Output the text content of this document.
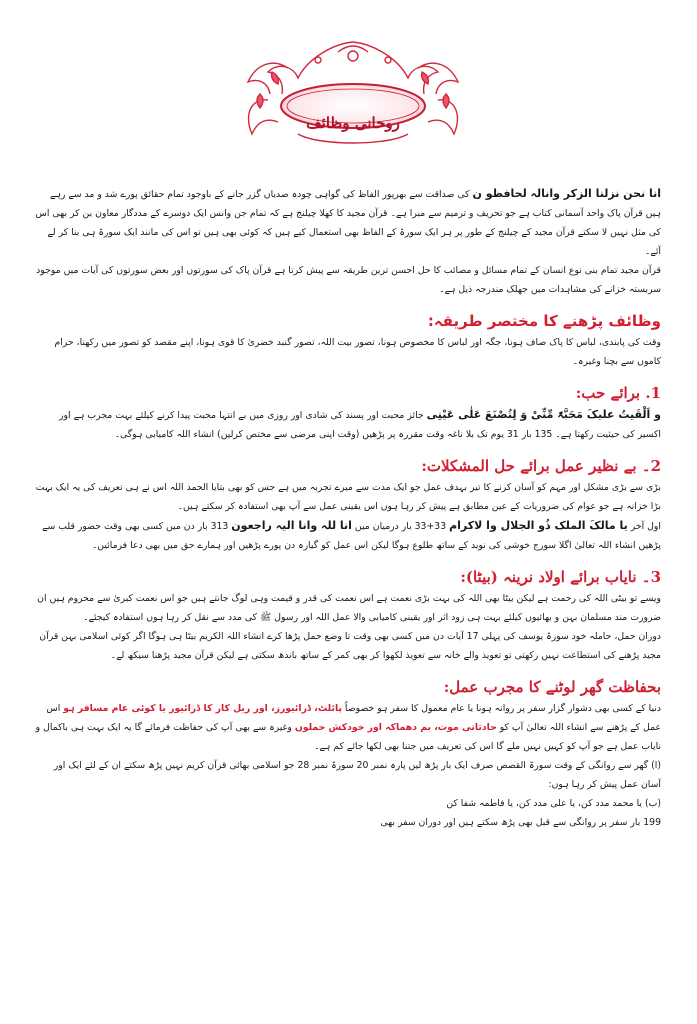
روحانی وظائف

انا نحن نزلنا الزکر وانالہ لحافظو ن کی صداقت سے بھرپور الفاظ کی گواہی چودہ صدیاں گزر جانے کے باوجود تمام حقائق پورے شد و مد سے رہے ہیں قرآن پاک واحد آسمانی کتاب ہے جو تحریف و ترمیم سے مبرا ہے۔ قرآن مجید کا کھلا چیلنج ہے کہ تمام جن وانس ایک دوسرے کے مددگار معاون بن کر بھی اس کی مثل نہیں لا سکتے قرآن مجید کے چیلنج کے طور پر ہر ایک سورۃ کے الفاظ بھی استعمال کیے ہیں کہ کوئی بھی ہیں تو اس کی مانند ایک سورۃ ہی بنا کر لے آئے۔

قرآن مجید تمام بنی نوع انسان کے تمام مسائل و مصائب کا حل احسن ترین طریقہ سے پیش کرتا ہے قرآن پاک کی سورتوں اور بعض سورتوں کی آیات میں موجود سربستہ خزانے کی مشاہدات میں جھلک مندرجہ ذیل ہے۔

وظائف پڑھنے کا مختصر طریقہ:

وقت کی پابندی، لباس کا پاک صاف ہونا، جگہ اور لباس کا مخصوص ہونا، تصور بیت اللہ، تصور گنبد خضریٰ کا قوی ہونا، اپنے مقصد کو تصور میں رکھنا، حرام کاموں سے بچنا وغیرہ۔

1. برائے حب:

و اَلْقَیتُ علیکَ مَحَبَّۃً مِّنِّیْ وَ لِتُصْنَعَ عَلٰی عَیْنِی جائز محبت اور پسند کی شادی اور روزی میں بے انتہا محبت پیدا کرنے کیلئے بہت مجرب ہے اور اکسیر کی حیثیت رکھتا ہے۔ 135 بار 31 یوم تک بلا ناغہ وقت مقررہ پر پڑھیں (وقت اپنی مرضی سے مختص کرلیں) انشاء اللہ کامیابی ہوگی۔

2۔ بے نظیر عمل برائے حل المشکلات:

بڑی سے بڑی مشکل اور مہم کو آسان کرنے کا تیر بہدف عمل جو ایک مدت سے میرے تجربہ میں ہے جس کو بھی بتایا الحمد اللہ اس نے ہی تعریف کی یہ ایک بہت بڑا خزانہ ہے جو عوام کی ضروریات کے عین مطابق ہے پیش کر رہا ہوں اس یقینی عمل سے آپ بھی استفادہ کر سکتے ہیں۔

اول آخر یا مالکَ الملک ذُو الجلال وا لاکرام 33+33 بار درمیان میں انا للہ وانا الیہ راجعون 313 بار دن میں کسی بھی وقت حضور قلب سے پڑھیں انشاء اللہ تعالیٰ اگلا سورج خوشی کی نوید کے ساتھ طلوع ہوگا لیکن اس عمل کو گیارہ دن پورے پڑھیں اور ہمارے حق میں بھی دعا فرمائیں۔

3۔ نایاب برائے اولاد نرینہ (بیٹا):

ویسے تو بیٹی اللہ کی رحمت ہے لیکن بیٹا بھی اللہ کی بہت بڑی نعمت ہے اس نعمت کی قدر و قیمت وہی لوگ جانتے ہیں جو اس نعمت کبریٰ سے محروم ہیں ان ضرورت مند مسلمان بہن و بھائیوں کیلئے بہت ہی زود اثر اور یقینی کامیابی والا عمل اللہ اور رسول ﷺ کی مدد سے نقل کر رہا ہوں استفادہ کیجئے۔

دوران حمل، حاملہ خود سورۃ یوسف کی پہلی 17 آیات دن میں کسی بھی وقت تا وضع حمل پڑھا کرے انشاء اللہ الکریم بیٹا ہی ہوگا اگر کوئی اسلامی بہن قرآن مجید پڑھنے کی استطاعت نہیں رکھتی تو تعویذ والے خانہ سے تعویذ لکھوا کر بھی کمر کے ساتھ باندھ سکتی ہے لیکن قرآن مجید پڑھنا سیکھ لے۔

بحفاظت گھر لوٹنے کا مجرب عمل:

دنیا کے کسی بھی دشوار گزار سفر پر روانہ ہونا یا عام معمول کا سفر ہو خصوصاً پائلٹ، ڈرائیورز، اور ریل کار کا ڈرائیور یا کوئی عام مسافر ہو اس عمل کے پڑھنے سے انشاء اللہ تعالیٰ آپ کو حادثاتی موت، بم دھماکہ اور خودکش حملوں وغیرہ سے بھی آپ کی حفاظت فرمائے گا یہ ایک بہت ہی باکمال و نایاب عمل ہے جو آپ کو کہیں نہیں ملے گا اس کی تعریف میں جتنا بھی لکھا جائے کم ہے۔

(ا) گھر سے روانگی کے وقت سورۃ القصص صرف ایک بار پڑھ لیں پارہ نمبر 20 سورۃ نمبر 28 جو اسلامی بھائی قرآن کریم نہیں پڑھ سکتے ان کے لئے ایک اور آسان عمل پیش کر رہا ہوں:

(ب) یا محمد مدد کن، یا علی مدد کن، یا فاطمہ شفا کن

199 بار سفر پر روانگی سے قبل بھی پڑھ سکتے ہیں اور دوران سفر بھی
